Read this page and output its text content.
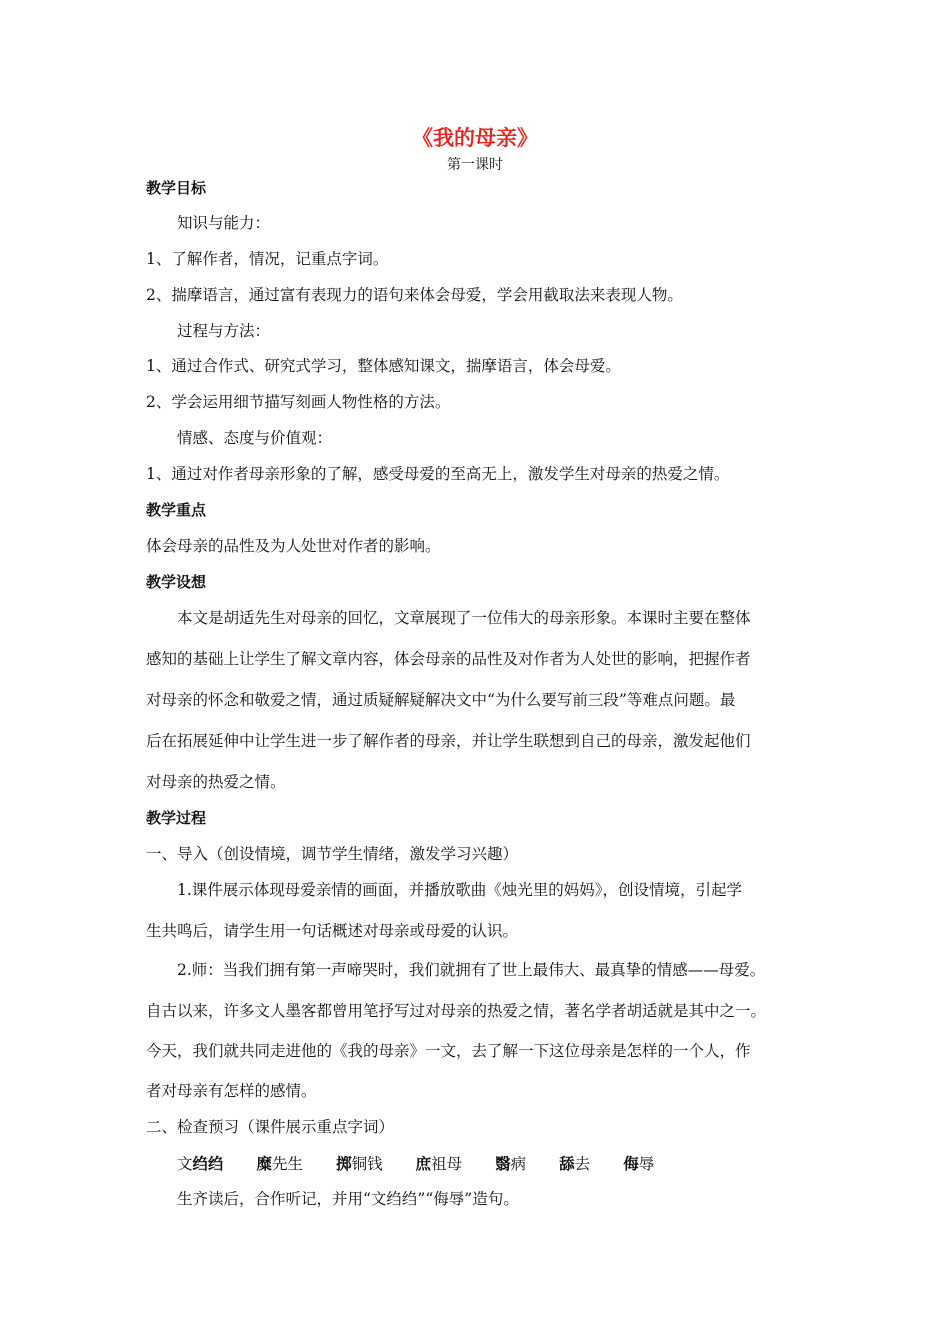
《我的母亲》
第一课时
教学目标
知识与能力：
1、了解作者，情况，记重点字词。
2、揣摩语言，通过富有表现力的语句来体会母爱，学会用截取法来表现人物。
过程与方法：
1、通过合作式、研究式学习，整体感知课文，揣摩语言，体会母爱。
2、学会运用细节描写刻画人物性格的方法。
情感、态度与价值观：
1、通过对作者母亲形象的了解，感受母爱的至高无上，激发学生对母亲的热爱之情。
教学重点
体会母亲的品性及为人处世对作者的影响。
教学设想
本文是胡适先生对母亲的回忆，文章展现了一位伟大的母亲形象。本课时主要在整体
感知的基础上让学生了解文章内容，体会母亲的品性及对作者为人处世的影响，把握作者
对母亲的怀念和敬爱之情，通过质疑解疑解决文中“为什么要写前三段”等难点问题。最
后在拓展延伸中让学生进一步了解作者的母亲，并让学生联想到自己的母亲，激发起他们
对母亲的热爱之情。
教学过程
一、导入（创设情境，调节学生情绪，激发学习兴趣）
1.课件展示体现母爱亲情的画面，并播放歌曲《烛光里的妈妈》，创设情境，引起学
生共鸣后，请学生用一句话概述对母亲或母爱的认识。
2.师：当我们拥有第一声啼哭时，我们就拥有了世上最伟大、最真挚的情感——母爱。
自古以来，许多文人墨客都曾用笔抒写过对母亲的热爱之情，著名学者胡适就是其中之一。
今天，我们就共同走进他的《我的母亲》一文，去了解一下这位母亲是怎样的一个人，作
者对母亲有怎样的感情。
二、检查预习（课件展示重点字词）
文绉绉 糜先生 掷铜钱 庶祖母 翳病 舔去 侮辱
生齐读后，合作听记，并用“文绉绉”“侮辱”造句。
